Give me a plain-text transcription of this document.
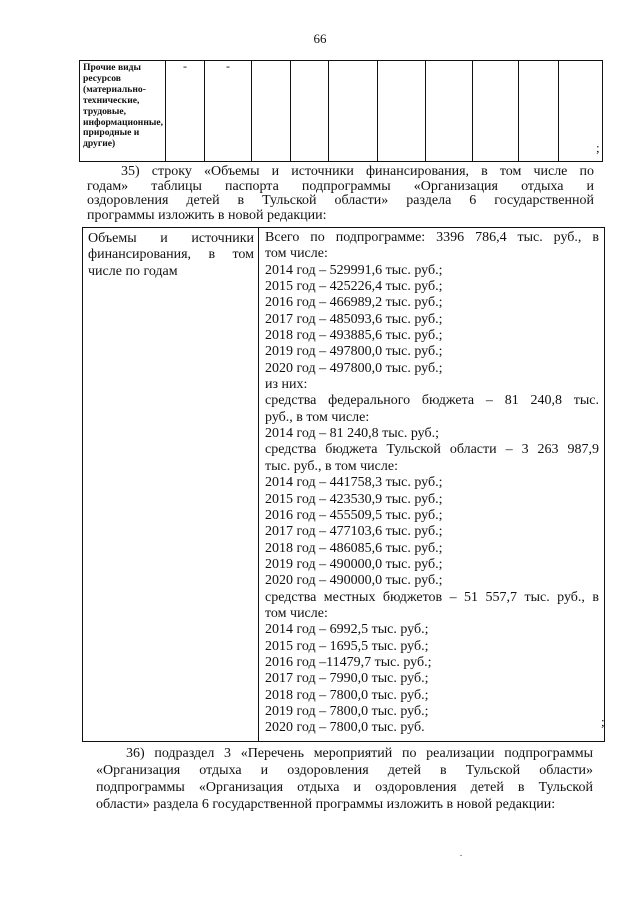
66
Прочие виды ресурсов (материально-технические, трудовые, информационные, природные и другие)	-	-								
;
35) строку «Объемы и источники финансирования, в том числе по
годам» таблицы паспорта подпрограммы «Организация отдыха и
оздоровления детей в Тульской области» раздела 6 государственной
программы изложить в новой редакции:
Объемы и источники
финансирования, в том
числе по годам

Всего по подпрограмме: 3396 786,4 тыс. руб., в
том числе:
2014 год – 529991,6 тыс. руб.;
2015 год – 425226,4 тыс. руб.;
2016 год – 466989,2 тыс. руб.;
2017 год – 485093,6 тыс. руб.;
2018 год – 493885,6 тыс. руб.;
2019 год – 497800,0 тыс. руб.;
2020 год – 497800,0 тыс. руб.;
из них:
средства федерального бюджета – 81 240,8 тыс.
руб., в том числе:
2014 год – 81 240,8 тыс. руб.;
средства бюджета Тульской области – 3 263 987,9
тыс. руб., в том числе:
2014 год – 441758,3 тыс. руб.;
2015 год – 423530,9 тыс. руб.;
2016 год – 455509,5 тыс. руб.;
2017 год – 477103,6 тыс. руб.;
2018 год – 486085,6 тыс. руб.;
2019 год – 490000,0 тыс. руб.;
2020 год – 490000,0 тыс. руб.;
средства местных бюджетов – 51 557,7 тыс. руб., в
том числе:
2014 год – 6992,5 тыс. руб.;
2015 год – 1695,5 тыс. руб.;
2016 год –11479,7 тыс. руб.;
2017 год – 7990,0 тыс. руб.;
2018 год – 7800,0 тыс. руб.;
2019 год – 7800,0 тыс. руб.;
2020 год – 7800,0 тыс. руб.	;
36) подраздел 3 «Перечень мероприятий по реализации подпрограммы
«Организация отдыха и оздоровления детей в Тульской области»
подпрограммы «Организация отдыха и оздоровления детей в Тульской
области» раздела 6 государственной программы изложить в новой редакции:
